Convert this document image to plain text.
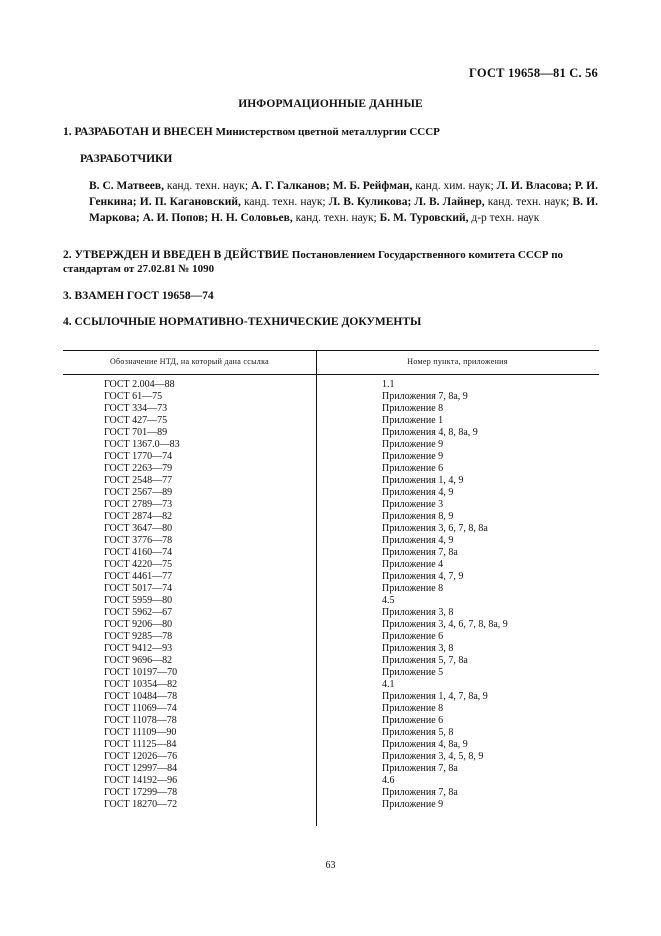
ГОСТ 19658—81 С. 56
ИНФОРМАЦИОННЫЕ ДАННЫЕ
1. РАЗРАБОТАН И ВНЕСЕН Министерством цветной металлургии СССР
РАЗРАБОТЧИКИ
В. С. Матвеев, канд. техн. наук; А. Г. Галканов; М. Б. Рейфман, канд. хим. наук; Л. И. Власова; Р. И. Генкина; И. П. Кагановский, канд. техн. наук; Л. В. Куликова; Л. В. Лайнер, канд. техн. наук; В. И. Маркова; А. И. Попов; Н. Н. Соловьев, канд. техн. наук; Б. М. Туровский, д-р техн. наук
2. УТВЕРЖДЕН И ВВЕДЕН В ДЕЙСТВИЕ Постановлением Государственного комитета СССР по стандартам от 27.02.81 № 1090
3. ВЗАМЕН ГОСТ 19658—74
4. ССЫЛОЧНЫЕ НОРМАТИВНО-ТЕХНИЧЕСКИЕ ДОКУМЕНТЫ
Обозначение НТД, на который дана ссылка	Номер пункта, приложения
ГОСТ 2.004—88	1.1
ГОСТ 61—75	Приложения 7, 8а, 9
ГОСТ 334—73	Приложение 8
ГОСТ 427—75	Приложение 1
ГОСТ 701—89	Приложения 4, 8, 8а, 9
ГОСТ 1367.0—83	Приложение 9
ГОСТ 1770—74	Приложение 9
ГОСТ 2263—79	Приложение 6
ГОСТ 2548—77	Приложения 1, 4, 9
ГОСТ 2567—89	Приложения 4, 9
ГОСТ 2789—73	Приложение 3
ГОСТ 2874—82	Приложения 8, 9
ГОСТ 3647—80	Приложения 3, 6, 7, 8, 8а
ГОСТ 3776—78	Приложения 4, 9
ГОСТ 4160—74	Приложения 7, 8а
ГОСТ 4220—75	Приложение 4
ГОСТ 4461—77	Приложения 4, 7, 9
ГОСТ 5017—74	Приложение 8
ГОСТ 5959—80	4.5
ГОСТ 5962—67	Приложения 3, 8
ГОСТ 9206—80	Приложения 3, 4, 6, 7, 8, 8а, 9
ГОСТ 9285—78	Приложение 6
ГОСТ 9412—93	Приложения 3, 8
ГОСТ 9696—82	Приложения 5, 7, 8а
ГОСТ 10197—70	Приложение 5
ГОСТ 10354—82	4.1
ГОСТ 10484—78	Приложения 1, 4, 7, 8а, 9
ГОСТ 11069—74	Приложение 8
ГОСТ 11078—78	Приложение 6
ГОСТ 11109—90	Приложения 5, 8
ГОСТ 11125—84	Приложения 4, 8а, 9
ГОСТ 12026—76	Приложения 3, 4, 5, 8, 9
ГОСТ 12997—84	Приложения 7, 8а
ГОСТ 14192—96	4.6
ГОСТ 17299—78	Приложения 7, 8а
ГОСТ 18270—72	Приложение 9
63
